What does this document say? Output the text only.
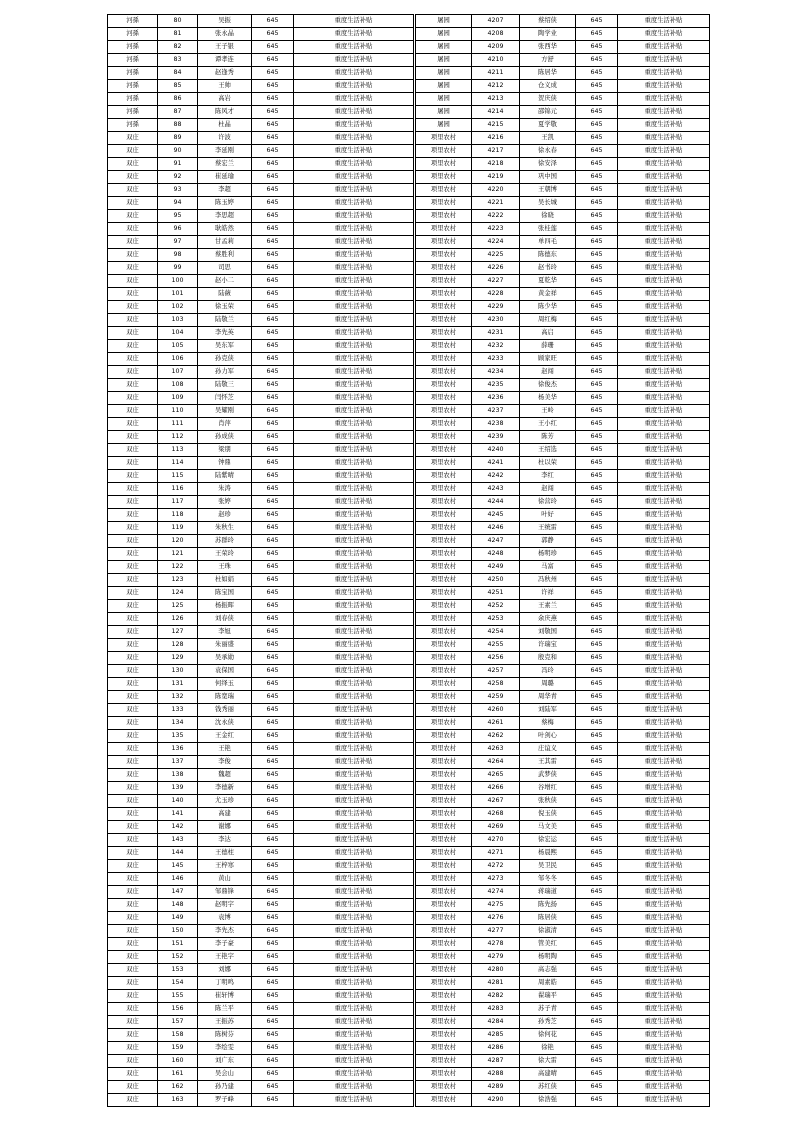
河孫	80	吴振	645	重度生活补贴
河孫	81	张永晶	645	重度生活补贴
河孫	82	王子银	645	重度生活补贴
河孫	83	谭孝连	645	重度生活补贴
河孫	84	赵逢秀	645	重度生活补贴
河孫	85	王帅	645	重度生活补贴
河孫	86	高岩	645	重度生活补贴
河孫	87	陈风才	645	重度生活补贴
河孫	88	杜晶	645	重度生活补贴
双庄	89	许波	645	重度生活补贴
双庄	90	李延刚	645	重度生活补贴
双庄	91	蔡宏兰	645	重度生活补贴
双庄	92	崔延瑜	645	重度生活补贴
双庄	93	李超	645	重度生活补贴
双庄	94	陈玉婷	645	重度生活补贴
双庄	95	李思超	645	重度生活补贴
双庄	96	耿皓然	645	重度生活补贴
双庄	97	甘孟莉	645	重度生活补贴
双庄	98	蔡胜利	645	重度生活补贴
双庄	99	司思	645	重度生活补贴
双庄	100	赵小二	645	重度生活补贴
双庄	101	陆薇	645	重度生活补贴
双庄	102	徐玉荣	645	重度生活补贴
双庄	103	陆敬兰	645	重度生活补贴
双庄	104	李先英	645	重度生活补贴
双庄	105	吴东军	645	重度生活补贴
双庄	106	孙克侠	645	重度生活补贴
双庄	107	孙力军	645	重度生活补贴
双庄	108	陆敬三	645	重度生活补贴
双庄	109	闫怀芝	645	重度生活补贴
双庄	110	吴耀刚	645	重度生活补贴
双庄	111	肖萍	645	重度生活补贴
双庄	112	孙成侠	645	重度生活补贴
双庄	113	梁朋	645	重度生活补贴
双庄	114	钟鼎	645	重度生活补贴
双庄	115	陆紫晴	645	重度生活补贴
双庄	116	朱涛	645	重度生活补贴
双庄	117	张婷	645	重度生活补贴
双庄	118	赵珍	645	重度生活补贴
双庄	119	朱秋生	645	重度生活补贴
双庄	120	苏群玲	645	重度生活补贴
双庄	121	王荣玲	645	重度生活补贴
双庄	122	王珠	645	重度生活补贴
双庄	123	杜如娟	645	重度生活补贴
双庄	124	陈宝国	645	重度生活补贴
双庄	125	杨振晖	645	重度生活补贴
双庄	126	刘春侠	645	重度生活补贴
双庄	127	李旭	645	重度生活补贴
双庄	128	朱丽盛	645	重度生活补贴
双庄	129	吴承勋	645	重度生活补贴
双庄	130	袁保国	645	重度生活补贴
双庄	131	何绎玉	645	重度生活补贴
双庄	132	陈宽瑞	645	重度生活补贴
双庄	133	钱秀丽	645	重度生活补贴
双庄	134	沈永侠	645	重度生活补贴
双庄	135	王金红	645	重度生活补贴
双庄	136	王艳	645	重度生活补贴
双庄	137	李俊	645	重度生活补贴
双庄	138	魏超	645	重度生活补贴
双庄	139	李德新	645	重度生活补贴
双庄	140	尤玉珍	645	重度生活补贴
双庄	141	高建	645	重度生活补贴
双庄	142	谢娜	645	重度生活补贴
双庄	143	李达	645	重度生活补贴
双庄	144	王德柱	645	重度生活补贴
双庄	145	王梓寒	645	重度生活补贴
双庄	146	黄山	645	重度生活补贴
双庄	147	邹鼎锋	645	重度生活补贴
双庄	148	赵明字	645	重度生活补贴
双庄	149	袁博	645	重度生活补贴
双庄	150	李先杰	645	重度生活补贴
双庄	151	李子豪	645	重度生活补贴
双庄	152	王艳字	645	重度生活补贴
双庄	153	刘娜	645	重度生活补贴
双庄	154	丁明鸣	645	重度生活补贴
双庄	155	崔轩博	645	重度生活补贴
双庄	156	陈兰平	645	重度生活补贴
双庄	157	王振苏	645	重度生活补贴
双庄	158	陈树芬	645	重度生活补贴
双庄	159	李绘雯	645	重度生活补贴
双庄	160	刘广东	645	重度生活补贴
双庄	161	吴会山	645	重度生活补贴
双庄	162	孙乃建	645	重度生活补贴
双庄	163	罗子峰	645	重度生活补贴
屠园	4207	蔡绍侠	645	重度生活补贴
屠园	4208	陶学业	645	重度生活补贴
屠园	4209	张西华	645	重度生活补贴
屠园	4210	方舒	645	重度生活补贴
屠园	4211	陈居华	645	重度生活补贴
屠园	4212	仓义成	645	重度生活补贴
屠园	4213	贺庆侠	645	重度生活补贴
屠园	4214	邵锦元	645	重度生活补贴
屠园	4215	夏学敬	645	重度生活补贴
项里农村	4216	王凯	645	重度生活补贴
项里农村	4217	徐永春	645	重度生活补贴
项里农村	4218	徐安泽	645	重度生活补贴
项里农村	4219	巩中国	645	重度生活补贴
项里农村	4220	王朝博	645	重度生活补贴
项里农村	4221	吴长城	645	重度生活补贴
项里农村	4222	徐晓	645	重度生活补贴
项里农村	4223	张桂莲	645	重度生活补贴
项里农村	4224	单四毛	645	重度生活补贴
项里农村	4225	陈德东	645	重度生活补贴
项里农村	4226	赵书玲	645	重度生活补贴
项里农村	4227	夏乾华	645	重度生活补贴
项里农村	4228	黄金祥	645	重度生活补贴
项里农村	4229	陈少华	645	重度生活补贴
项里农村	4230	周红梅	645	重度生活补贴
项里农村	4231	高启	645	重度生活补贴
项里农村	4232	薛珊	645	重度生活补贴
项里农村	4233	顾家旺	645	重度生活补贴
项里农村	4234	赵闯	645	重度生活补贴
项里农村	4235	徐俊杰	645	重度生活补贴
项里农村	4236	杨美华	645	重度生活补贴
项里农村	4237	王岭	645	重度生活补贴
项里农村	4238	王小红	645	重度生活补贴
项里农村	4239	陈芳	645	重度生活补贴
项里农村	4240	王绍选	645	重度生活补贴
项里农村	4241	杜以荣	645	重度生活补贴
项里农村	4242	李红	645	重度生活补贴
项里农村	4243	赵闯	645	重度生活补贴
项里农村	4244	徐营玲	645	重度生活补贴
项里农村	4245	叶好	645	重度生活补贴
项里农村	4246	王统雷	645	重度生活补贴
项里农村	4247	郭静	645	重度生活补贴
项里农村	4248	杨明珍	645	重度生活补贴
项里农村	4249	马富	645	重度生活补贴
项里农村	4250	冯秋州	645	重度生活补贴
项里农村	4251	许祥	645	重度生活补贴
项里农村	4252	王素兰	645	重度生活补贴
项里农村	4253	余庆燕	645	重度生活补贴
项里农村	4254	刘敬国	645	重度生活补贴
项里农村	4255	许瑞宝	645	重度生活补贴
项里农村	4256	殷克和	645	重度生活补贴
项里农村	4257	冯玲	645	重度生活补贴
项里农村	4258	周璐	645	重度生活补贴
项里农村	4259	周华青	645	重度生活补贴
项里农村	4260	刘陆军	645	重度生活补贴
项里农村	4261	蔡梅	645	重度生活补贴
项里农村	4262	叶剑心	645	重度生活补贴
项里农村	4263	庄谊义	645	重度生活补贴
项里农村	4264	王其雷	645	重度生活补贴
项里农村	4265	武梦侠	645	重度生活补贴
项里农村	4266	谷增红	645	重度生活补贴
项里农村	4267	张秋侠	645	重度生活补贴
项里农村	4268	倪玉侠	645	重度生活补贴
项里农村	4269	马文美	645	重度生活补贴
项里农村	4270	徐宏运	645	重度生活补贴
项里农村	4271	杨晨熙	645	重度生活补贴
项里农村	4272	吴卫民	645	重度生活补贴
项里农村	4273	邹冬冬	645	重度生活补贴
项里农村	4274	蒋瑞道	645	重度生活补贴
项里农村	4275	陈先扬	645	重度生活补贴
项里农村	4276	陈居侠	645	重度生活补贴
项里农村	4277	徐淑清	645	重度生活补贴
项里农村	4278	管美红	645	重度生活补贴
项里农村	4279	杨明陶	645	重度生活补贴
项里农村	4280	高志强	645	重度生活补贴
项里农村	4281	周素皓	645	重度生活补贴
项里农村	4282	翟瑞平	645	重度生活补贴
项里农村	4283	苏子青	645	重度生活补贴
项里农村	4284	孙秀芝	645	重度生活补贴
项里农村	4285	徐何花	645	重度生活补贴
项里农村	4286	徐艳	645	重度生活补贴
项里农村	4287	徐大雷	645	重度生活补贴
项里农村	4288	高建晴	645	重度生活补贴
项里农村	4289	苏红侠	645	重度生活补贴
项里农村	4290	徐浩强	645	重度生活补贴
